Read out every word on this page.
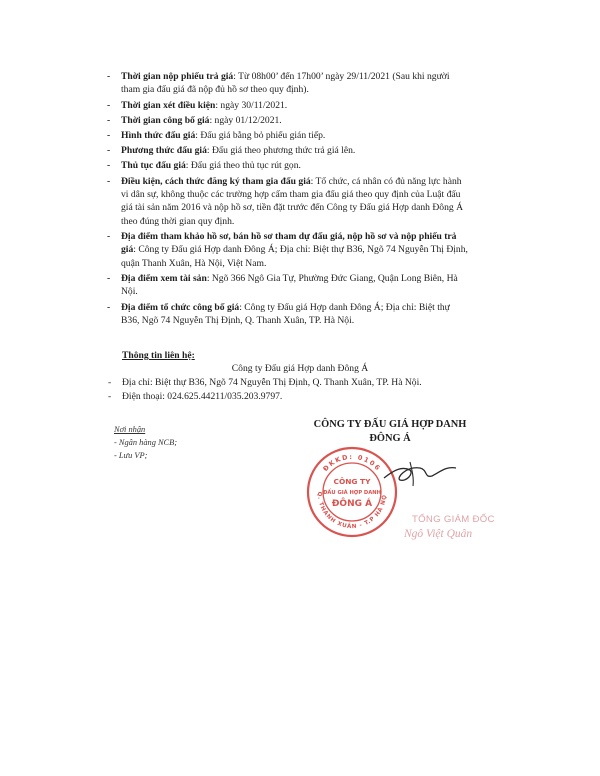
- Thời gian nộp phiếu trả giá: Từ 08h00’ đến 17h00’ ngày 29/11/2021 (Sau khi người tham gia đấu giá đã nộp đủ hồ sơ theo quy định).
- Thời gian xét điều kiện: ngày 30/11/2021.
- Thời gian công bố giá: ngày 01/12/2021.
- Hình thức đấu giá: Đấu giá bằng bỏ phiếu gián tiếp.
- Phương thức đấu giá: Đấu giá theo phương thức trả giá lên.
- Thủ tục đấu giá: Đấu giá theo thủ tục rút gọn.
- Điều kiện, cách thức đăng ký tham gia đấu giá: Tổ chức, cá nhân có đủ năng lực hành vi dân sự, không thuộc các trường hợp cấm tham gia đấu giá theo quy định của Luật đấu giá tài sản năm 2016 và nộp hồ sơ, tiền đặt trước đến Công ty Đấu giá Hợp danh Đông Á theo đúng thời gian quy định.
- Địa điểm tham khảo hồ sơ, bán hồ sơ tham dự đấu giá, nộp hồ sơ và nộp phiếu trả giá: Công ty Đấu giá Hợp danh Đông Á; Địa chỉ: Biệt thự B36, Ngõ 74 Nguyễn Thị Định, quận Thanh Xuân, Hà Nội, Việt Nam.
- Địa điểm xem tài sản: Ngõ 366 Ngô Gia Tự, Phường Đức Giang, Quận Long Biên, Hà Nội.
- Địa điểm tổ chức công bố giá: Công ty Đấu giá Hợp danh Đông Á; Địa chỉ: Biệt thự B36, Ngõ 74 Nguyễn Thị Định, Q. Thanh Xuân, TP. Hà Nội.
Thông tin liên hệ:
Công ty Đấu giá Hợp danh Đông Á
- Địa chỉ: Biệt thự B36, Ngõ 74 Nguyễn Thị Định, Q. Thanh Xuân, TP. Hà Nội.
- Điện thoại: 024.625.44211/035.203.9797.
Nơi nhận
- Ngân hàng NCB;
- Lưu VP;
CÔNG TY ĐẤU GIÁ HỢP DANH
ĐÔNG Á
ĐKKD: 0106
Q. THANH XUÂN - T.P HÀ NỘ
CÔNG TY
ĐẤU GIÁ HỢP DANH
ĐÔNG Á
TỔNG GIÁM ĐỐC
Ngô Việt Quân
